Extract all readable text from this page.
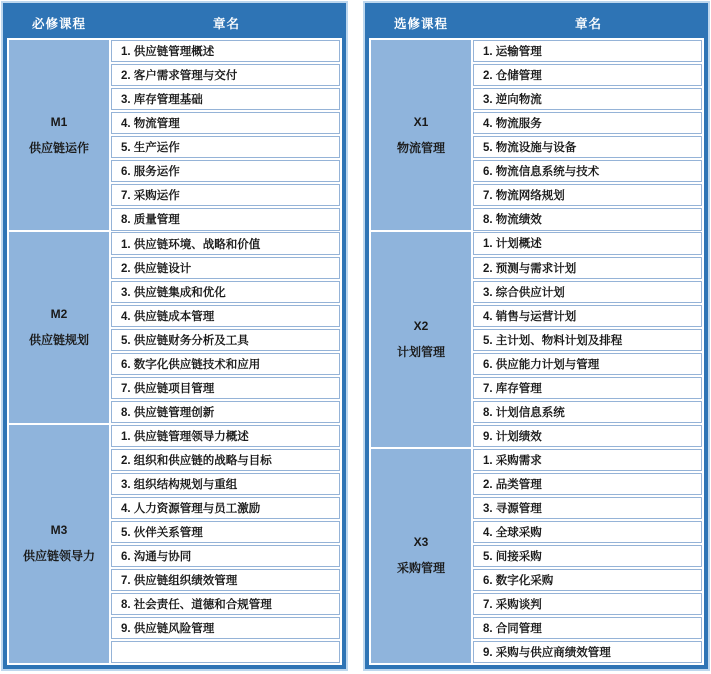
必修课程	章名
M1
供应链运作
1. 供应链管理概述
2. 客户需求管理与交付
3. 库存管理基础
4. 物流管理
5. 生产运作
6. 服务运作
7. 采购运作
8. 质量管理
M2
供应链规划
1. 供应链环境、战略和价值
2. 供应链设计
3. 供应链集成和优化
4. 供应链成本管理
5. 供应链财务分析及工具
6. 数字化供应链技术和应用
7. 供应链项目管理
8. 供应链管理创新
M3
供应链领导力
1. 供应链管理领导力概述
2. 组织和供应链的战略与目标
3. 组织结构规划与重组
4. 人力资源管理与员工激励
5. 伙伴关系管理
6. 沟通与协同
7. 供应链组织绩效管理
8. 社会责任、道德和合规管理
9. 供应链风险管理
选修课程	章名
X1
物流管理
1. 运输管理
2. 仓储管理
3. 逆向物流
4. 物流服务
5. 物流设施与设备
6. 物流信息系统与技术
7. 物流网络规划
8. 物流绩效
X2
计划管理
1. 计划概述
2. 预测与需求计划
3. 综合供应计划
4. 销售与运营计划
5. 主计划、物料计划及排程
6. 供应能力计划与管理
7. 库存管理
8. 计划信息系统
9. 计划绩效
X3
采购管理
1. 采购需求
2. 品类管理
3. 寻源管理
4. 全球采购
5. 间接采购
6. 数字化采购
7. 采购谈判
8. 合同管理
9. 采购与供应商绩效管理
